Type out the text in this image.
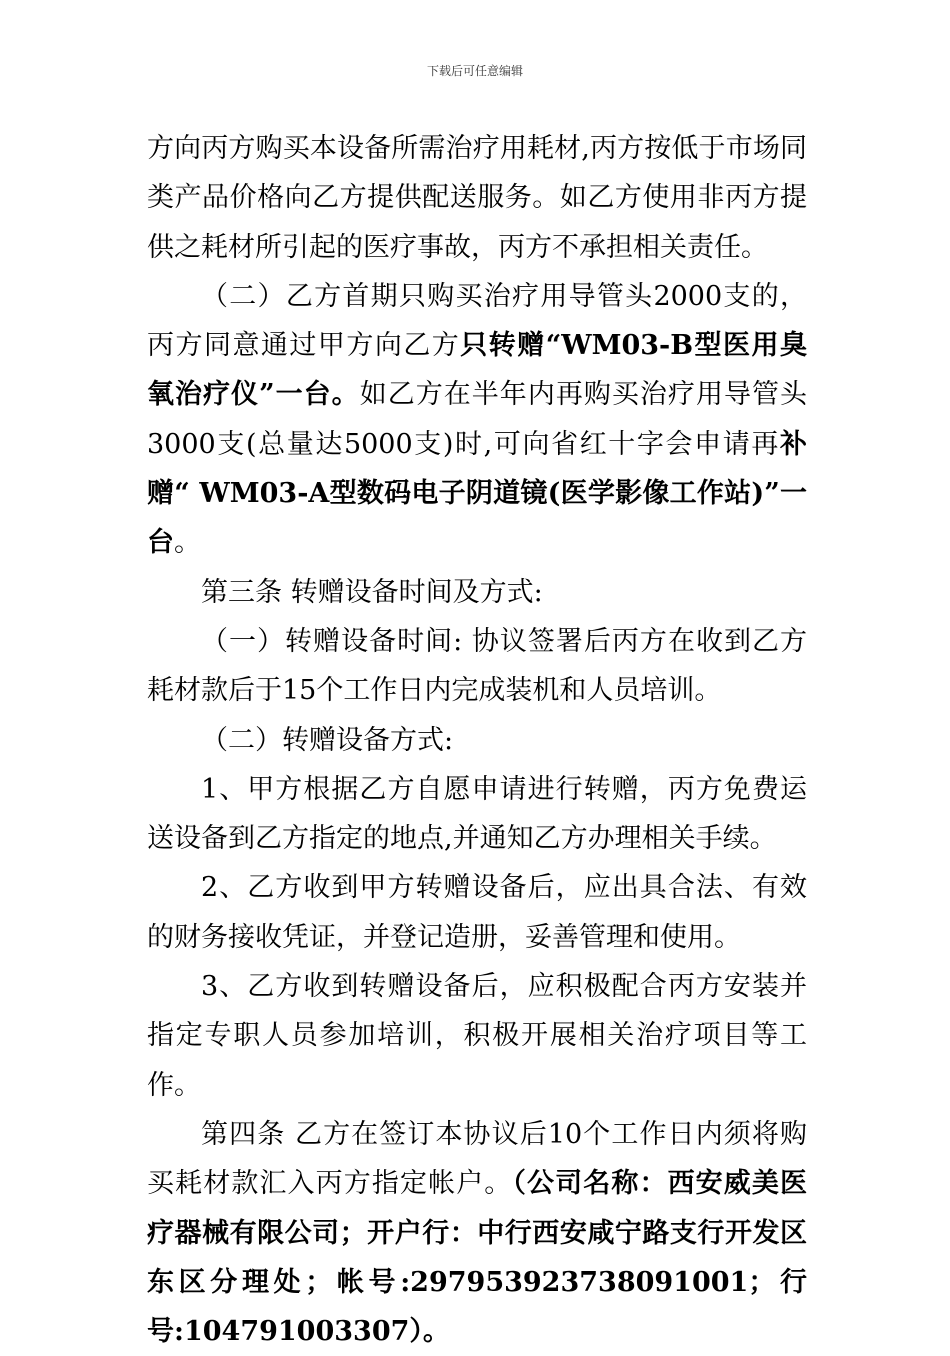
下载后可任意编辑

方向丙方购买本设备所需治疗用耗材,丙方按低于市场同类产品价格向乙方提供配送服务。如乙方使用非丙方提供之耗材所引起的医疗事故，丙方不承担相关责任。

（二）乙方首期只购买治疗用导管头2000支的，丙方同意通过甲方向乙方只转赠“WM03-B型医用臭氧治疗仪”一台。如乙方在半年内再购买治疗用导管头3000支(总量达5000支)时,可向省红十字会申请再补赠“ WM03-A型数码电子阴道镜(医学影像工作站)”一台。

第三条 转赠设备时间及方式:

（一）转赠设备时间: 协议签署后丙方在收到乙方耗材款后于15个工作日内完成装机和人员培训。

（二）转赠设备方式:

1、甲方根据乙方自愿申请进行转赠，丙方免费运送设备到乙方指定的地点,并通知乙方办理相关手续。

2、乙方收到甲方转赠设备后，应出具合法、有效的财务接收凭证，并登记造册，妥善管理和使用。

3、乙方收到转赠设备后，应积极配合丙方安装并指定专职人员参加培训，积极开展相关治疗项目等工作。

第四条 乙方在签订本协议后10个工作日内须将购买耗材款汇入丙方指定帐户。（公司名称：西安威美医疗器械有限公司；开户行：中行西安咸宁路支行开发区东区分理处；帐号:297953923738091001；行号:104791003307）。
